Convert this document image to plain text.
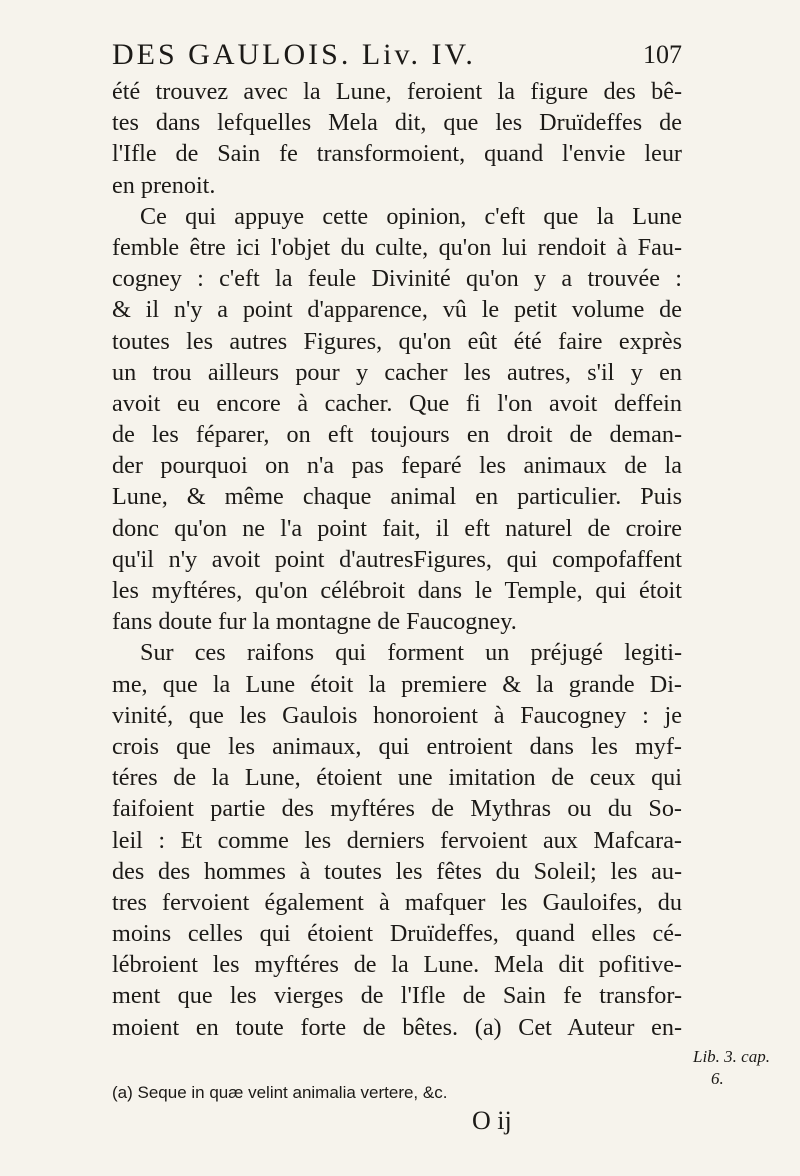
DES GAULOIS. Liv. IV.	107
été trouvez avec la Lune, feroient la figure des bê-
tes dans lefquelles Mela dit, que les Druïdeffes de
l'Ifle de Sain fe transformoient, quand l'envie leur
en prenoit.
Ce qui appuye cette opinion, c'eft que la Lune
femble être ici l'objet du culte, qu'on lui rendoit à Fau-
cogney : c'eft la feule Divinité qu'on y a trouvée :
& il n'y a point d'apparence, vû le petit volume de
toutes les autres Figures, qu'on eût été faire exprès
un trou ailleurs pour y cacher les autres, s'il y en
avoit eu encore à cacher. Que fi l'on avoit deffein
de les féparer, on eft toujours en droit de deman-
der pourquoi on n'a pas feparé les animaux de la
Lune, & même chaque animal en particulier. Puis
donc qu'on ne l'a point fait, il eft naturel de croire
qu'il n'y avoit point d'autresFigures, qui compofaffent
les myftéres, qu'on célébroit dans le Temple, qui étoit
fans doute fur la montagne de Faucogney.
Sur ces raifons qui forment un préjugé legiti-
me, que la Lune étoit la premiere & la grande Di-
vinité, que les Gaulois honoroient à Faucogney : je
crois que les animaux, qui entroient dans les myf-
téres de la Lune, étoient une imitation de ceux qui
faifoient partie des myftéres de Mythras ou du So-
leil : Et comme les derniers fervoient aux Mafcara-
des des hommes à toutes les fêtes du Soleil; les au-
tres fervoient également à mafquer les Gauloifes, du
moins celles qui étoient Druïdeffes, quand elles cé-
lébroient les myftéres de la Lune. Mela dit pofitive-
ment que les vierges de l'Ifle de Sain fe transfor-
moient en toute forte de bêtes. (a) Cet Auteur en-
Lib. 3. cap.
6.
(a) Seque in quæ velint animalia vertere, &c.
O ij
